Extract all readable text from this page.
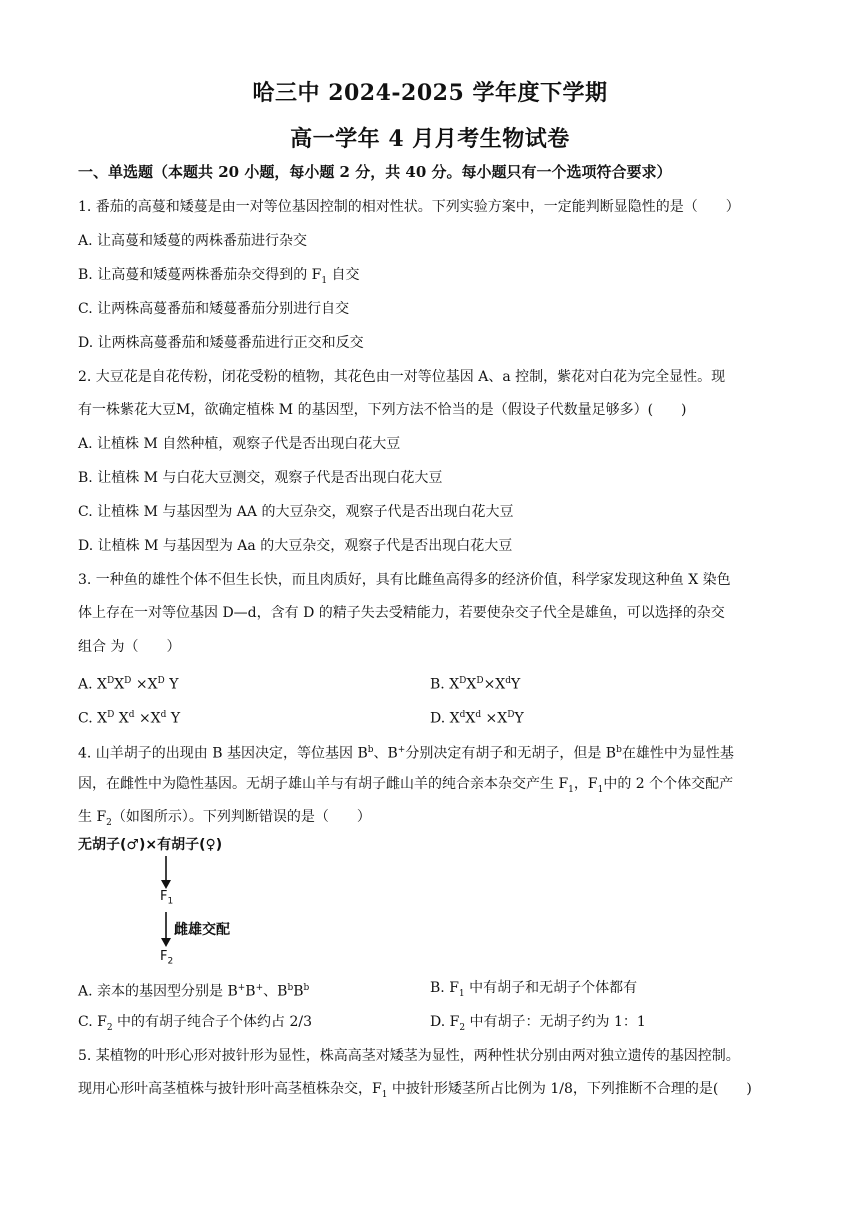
哈三中 2024-2025 学年度下学期
高一学年 4 月月考生物试卷
一、单选题（本题共 20 小题，每小题 2 分，共 40 分。每小题只有一个选项符合要求）
1. 番茄的高蔓和矮蔓是由一对等位基因控制的相对性状。下列实验方案中，一定能判断显隐性的是（　　）
A. 让高蔓和矮蔓的两株番茄进行杂交
B. 让高蔓和矮蔓两株番茄杂交得到的 $F_1$ 自交
C. 让两株高蔓番茄和矮蔓番茄分别进行自交
D. 让两株高蔓番茄和矮蔓番茄进行正交和反交
2. 大豆花是自花传粉，闭花受粉的植物，其花色由一对等位基因 A、a 控制，紫花对白花为完全显性。现
有一株紫花大豆M，欲确定植株 M 的基因型，下列方法不恰当的是（假设子代数量足够多）(　　)
A. 让植株 M 自然种植，观察子代是否出现白花大豆
B. 让植株 M 与白花大豆测交，观察子代是否出现白花大豆
C. 让植株 M 与基因型为 AA 的大豆杂交，观察子代是否出现白花大豆
D. 让植株 M 与基因型为 Aa 的大豆杂交，观察子代是否出现白花大豆
3. 一种鱼的雄性个体不但生长快，而且肉质好，具有比雌鱼高得多的经济价值，科学家发现这种鱼 X 染色
体上存在一对等位基因 D—d，含有 D 的精子失去受精能力，若要使杂交子代全是雄鱼，可以选择的杂交
组合 为（　　）
A. $X^DX^D \times X^D$ Y	B. $X^DX^D\times X^dY$
C. $X^D$ $X^d \times X^d$ Y	D. $X^dX^d \times X^DY$
4. 山羊胡子的出现由 B 基因决定，等位基因 $B^b$、B+分别决定有胡子和无胡子，但是 $B^b$在雄性中为显性基
因，在雌性中为隐性基因。无胡子雄山羊与有胡子雌山羊的纯合亲本杂交产生 $F_1$，$F_1$中的 2 个个体交配产
生 $F_2$（如图所示）。下列判断错误的是（　　）
无胡子(♂)×有胡子(♀)
$F_1$
雌雄交配
$F_2$
A. 亲本的基因型分别是 B+B+、$B^bB^b$	B. $F_1$ 中有胡子和无胡子个体都有
C. $F_2$ 中的有胡子纯合子个体约占 2/3	D. $F_2$ 中有胡子：无胡子约为 1：1
5. 某植物的叶形心形对披针形为显性，株高高茎对矮茎为显性，两种性状分别由两对独立遗传的基因控制。
现用心形叶高茎植株与披针形叶高茎植株杂交，$F_1$ 中披针形矮茎所占比例为 1/8，下列推断不合理的是(　　)
